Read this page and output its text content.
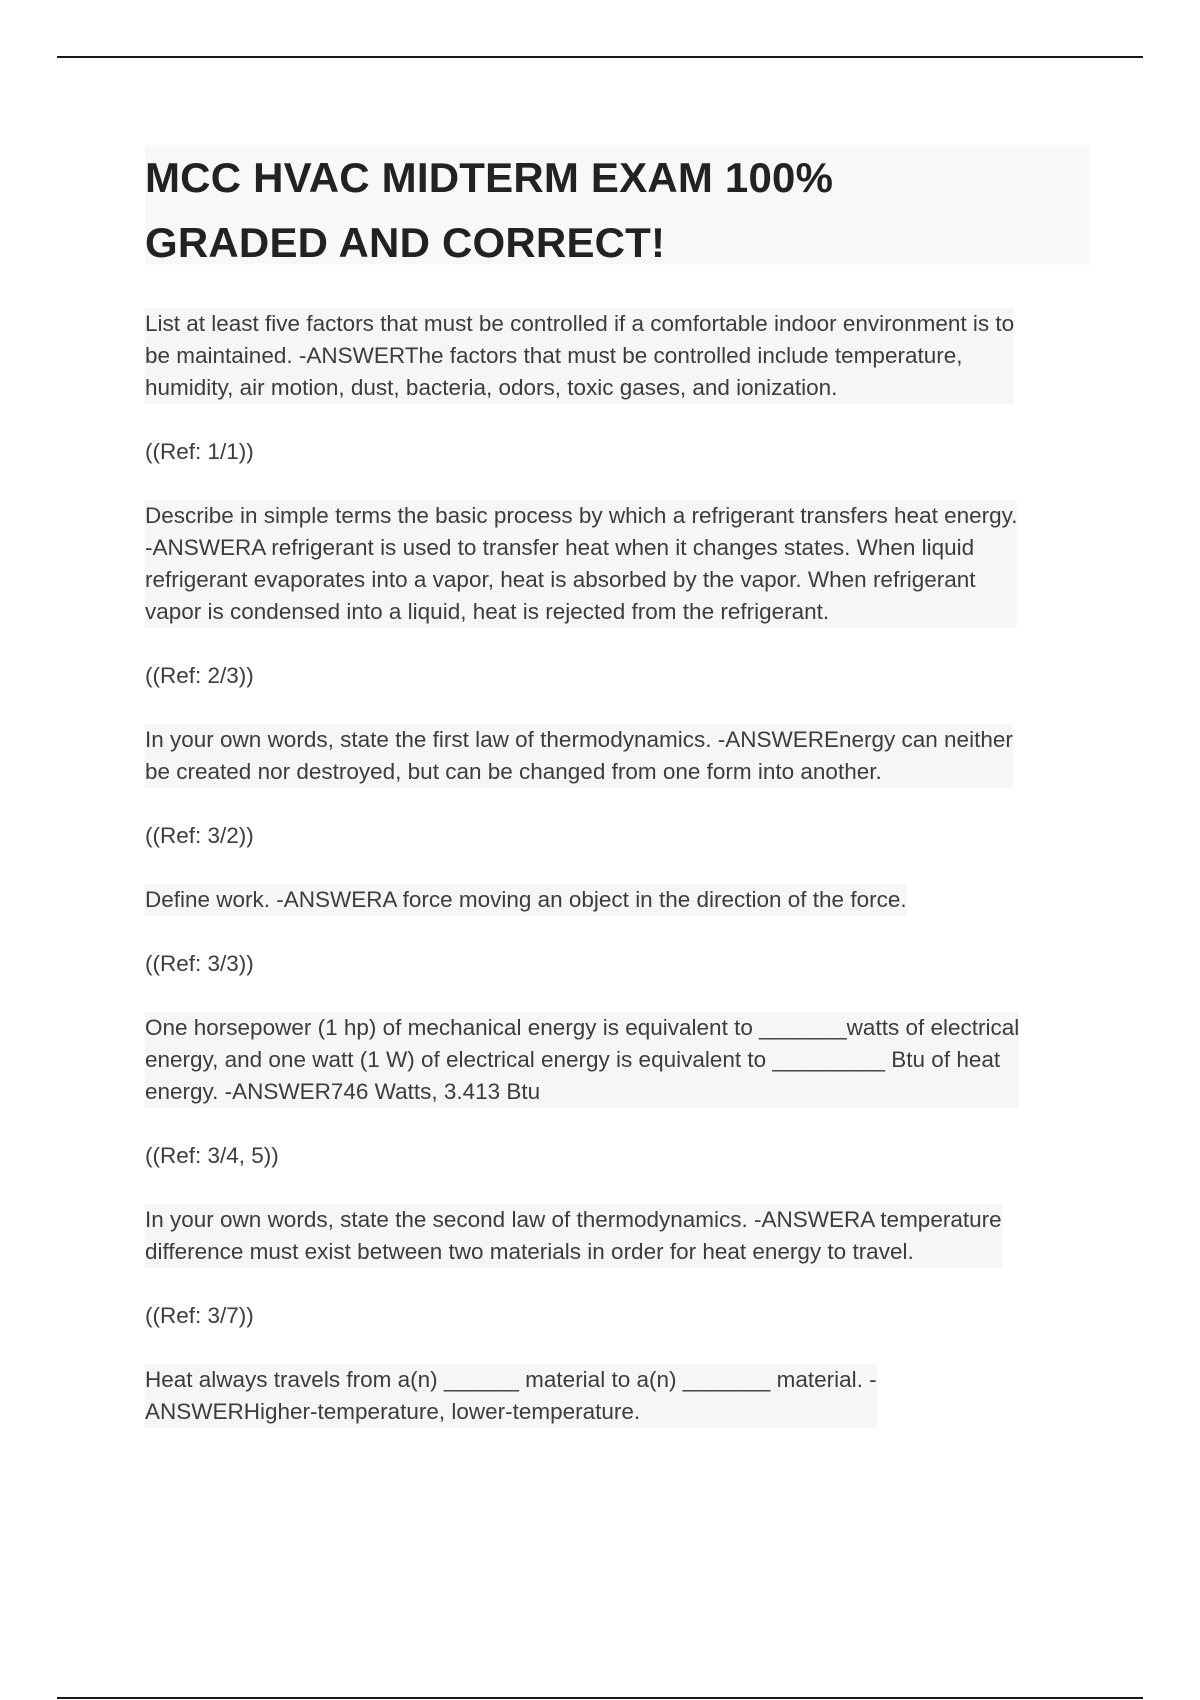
MCC HVAC MIDTERM EXAM 100%
GRADED AND CORRECT!
List at least five factors that must be controlled if a comfortable indoor environment is to
be maintained. -ANSWERThe factors that must be controlled include temperature,
humidity, air motion, dust, bacteria, odors, toxic gases, and ionization.

((Ref: 1/1))

Describe in simple terms the basic process by which a refrigerant transfers heat energy.
-ANSWERA refrigerant is used to transfer heat when it changes states. When liquid
refrigerant evaporates into a vapor, heat is absorbed by the vapor. When refrigerant
vapor is condensed into a liquid, heat is rejected from the refrigerant.

((Ref: 2/3))

In your own words, state the first law of thermodynamics. -ANSWEREnergy can neither
be created nor destroyed, but can be changed from one form into another.

((Ref: 3/2))

Define work. -ANSWERA force moving an object in the direction of the force.

((Ref: 3/3))

One horsepower (1 hp) of mechanical energy is equivalent to _______watts of electrical
energy, and one watt (1 W) of electrical energy is equivalent to _________ Btu of heat
energy. -ANSWER746 Watts, 3.413 Btu

((Ref: 3/4, 5))

In your own words, state the second law of thermodynamics. -ANSWERA temperature
difference must exist between two materials in order for heat energy to travel.

((Ref: 3/7))

Heat always travels from a(n) ______ material to a(n) _______ material. -
ANSWERHigher-temperature, lower-temperature.
